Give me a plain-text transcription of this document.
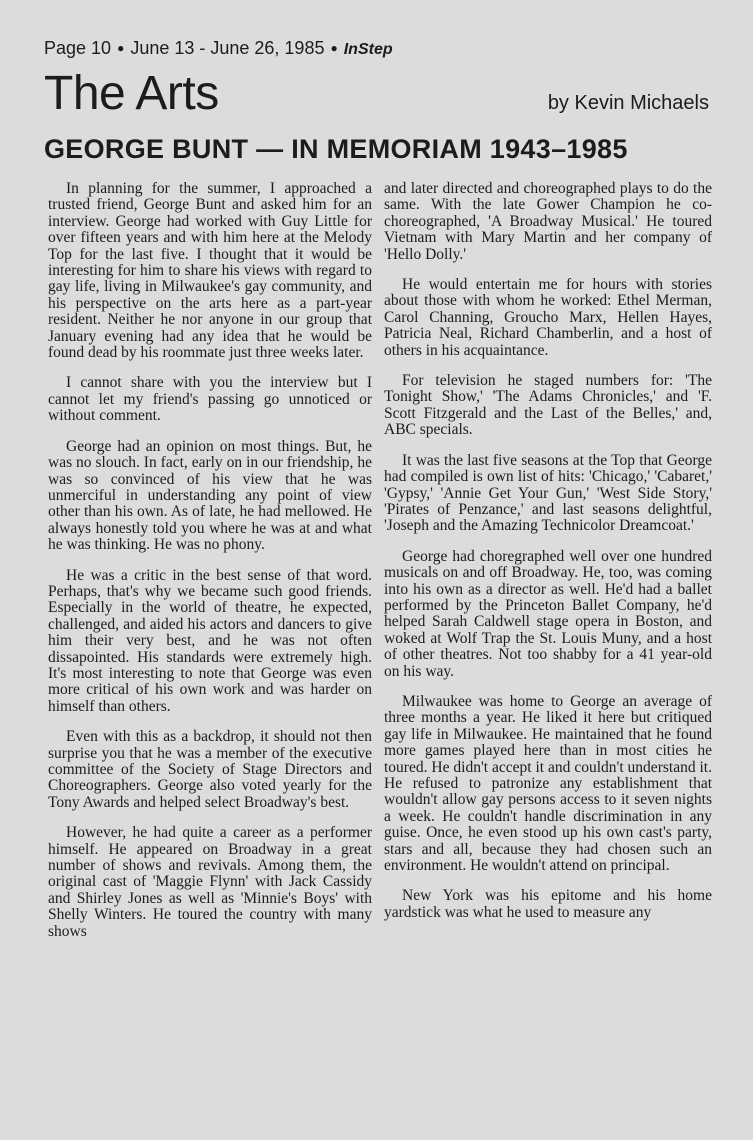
Page 10 ● June 13 - June 26, 1985 ● InStep
The Arts	by Kevin Michaels
GEORGE BUNT — IN MEMORIAM 1943–1985

In planning for the summer, I approached a trusted friend, George Bunt and asked him for an interview. George had worked with Guy Little for over fifteen years and with him here at the Melody Top for the last five. I thought that it would be interesting for him to share his views with regard to gay life, living in Milwaukee's gay community, and his perspective on the arts here as a part-year resident. Neither he nor anyone in our group that January evening had any idea that he would be found dead by his roommate just three weeks later.

I cannot share with you the interview but I cannot let my friend's passing go unnoticed or without comment.

George had an opinion on most things. But, he was no slouch. In fact, early on in our friendship, he was so convinced of his view that he was unmerciful in understanding any point of view other than his own. As of late, he had mellowed. He always honestly told you where he was at and what he was thinking. He was no phony.

He was a critic in the best sense of that word. Perhaps, that's why we became such good friends. Especially in the world of theatre, he expected, challenged, and aided his actors and dancers to give him their very best, and he was not often dissapointed. His standards were extremely high. It's most interesting to note that George was even more critical of his own work and was harder on himself than others.

Even with this as a backdrop, it should not then surprise you that he was a member of the executive committee of the Society of Stage Directors and Choreographers. George also voted yearly for the Tony Awards and helped select Broadway's best.

However, he had quite a career as a performer himself. He appeared on Broadway in a great number of shows and revivals. Among them, the original cast of 'Maggie Flynn' with Jack Cassidy and Shirley Jones as well as 'Minnie's Boys' with Shelly Winters. He toured the country with many shows

and later directed and choreographed plays to do the same. With the late Gower Champion he co-choreographed, 'A Broadway Musical.' He toured Vietnam with Mary Martin and her company of 'Hello Dolly.'

He would entertain me for hours with stories about those with whom he worked: Ethel Merman, Carol Channing, Groucho Marx, Hellen Hayes, Patricia Neal, Richard Chamberlin, and a host of others in his acquaintance.

For television he staged numbers for: 'The Tonight Show,' 'The Adams Chronicles,' and 'F. Scott Fitzgerald and the Last of the Belles,' and, ABC specials.

It was the last five seasons at the Top that George had compiled is own list of hits: 'Chicago,' 'Cabaret,' 'Gypsy,' 'Annie Get Your Gun,' 'West Side Story,' 'Pirates of Penzance,' and last seasons delightful, 'Joseph and the Amazing Technicolor Dreamcoat.'

George had choregraphed well over one hundred musicals on and off Broadway. He, too, was coming into his own as a director as well. He'd had a ballet performed by the Princeton Ballet Company, he'd helped Sarah Caldwell stage opera in Boston, and woked at Wolf Trap the St. Louis Muny, and a host of other theatres. Not too shabby for a 41 year-old on his way.

Milwaukee was home to George an average of three months a year. He liked it here but critiqued gay life in Milwaukee. He maintained that he found more games played here than in most cities he toured. He didn't accept it and couldn't understand it. He refused to patronize any establishment that wouldn't allow gay persons access to it seven nights a week. He couldn't handle discrimination in any guise. Once, he even stood up his own cast's party, stars and all, because they had chosen such an environment. He wouldn't attend on principal.

New York was his epitome and his home yardstick was what he used to measure any
